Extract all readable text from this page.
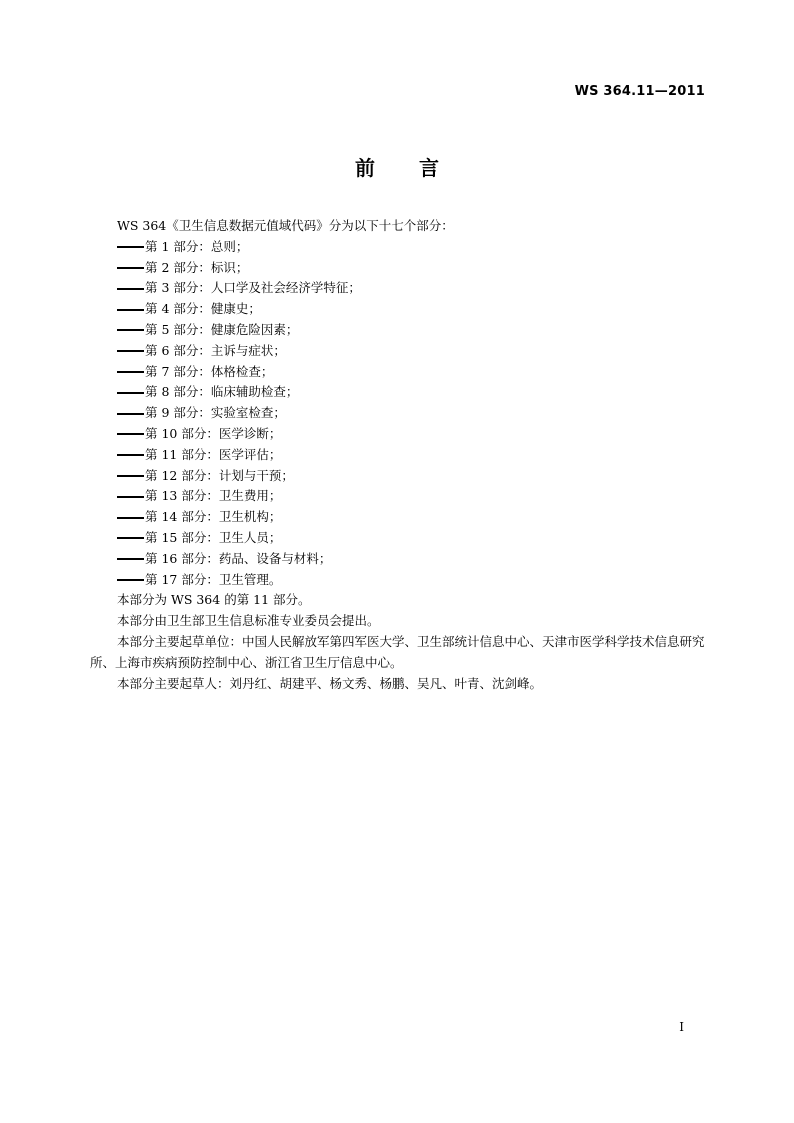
WS 364.11—2011
前言

WS 364《卫生信息数据元值域代码》分为以下十七个部分：

第 1 部分：总则；

第 2 部分：标识；

第 3 部分：人口学及社会经济学特征；

第 4 部分：健康史；

第 5 部分：健康危险因素；

第 6 部分：主诉与症状；

第 7 部分：体格检查；

第 8 部分：临床辅助检查；

第 9 部分：实验室检查；

第 10 部分：医学诊断；

第 11 部分：医学评估；

第 12 部分：计划与干预；

第 13 部分：卫生费用；

第 14 部分：卫生机构；

第 15 部分：卫生人员；

第 16 部分：药品、设备与材料；

第 17 部分：卫生管理。

本部分为 WS 364 的第 11 部分。

本部分由卫生部卫生信息标准专业委员会提出。

本部分主要起草单位：中国人民解放军第四军医大学、卫生部统计信息中心、天津市医学科学技术信息研究所、上海市疾病预防控制中心、浙江省卫生厅信息中心。

本部分主要起草人：刘丹红、胡建平、杨文秀、杨鹏、吴凡、叶青、沈剑峰。

I
